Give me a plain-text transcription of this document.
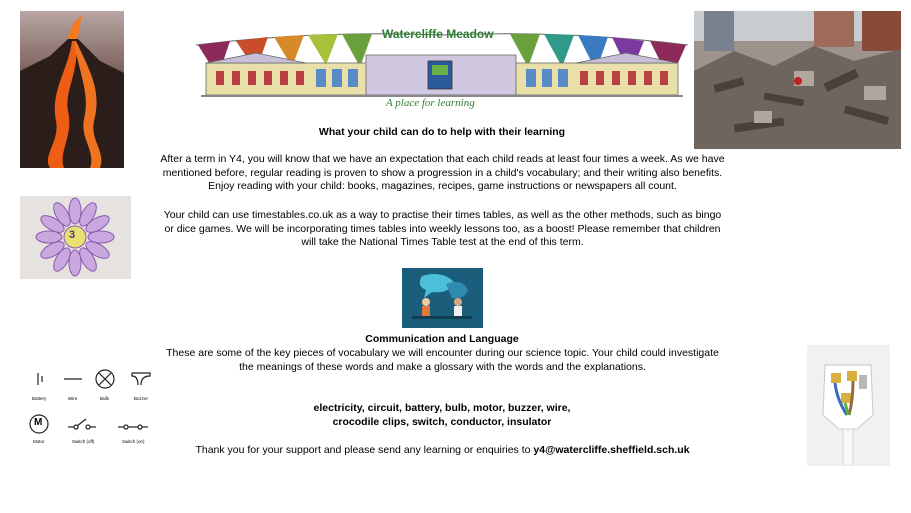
Watercliffe Meadow
A place for learning
What your child can do to help with their learning
After a term in Y4, you will know that we have an expectation that each child reads at least four times a week. As we have
mentioned before, regular reading is proven to show a progression in a child's vocabulary; and their writing also benefits.
Enjoy reading with your child: books, magazines, recipes, game instructions or newspapers all count.
3
Your child can use timestables.co.uk as a way to practise their times tables, as well as the other methods, such as bingo
or dice games. We will be incorporating times tables into weekly lessons too, as a boost! Please remember that children
will take the National Times Table test at the end of this term.
Communication and Language
These are some of the key pieces of vocabulary we will encounter during our science topic. Your child could investigate
the meanings of these words and make a glossary with the words and the explanations.
M
Battery	Wire	Bulb	Buzzer
Motor	Switch (off)	Switch (on)
electricity, circuit, battery, bulb, motor, buzzer, wire,
crocodile clips, switch, conductor, insulator
Thank you for your support and please send any learning or enquiries to y4@watercliffe.sheffield.sch.uk
